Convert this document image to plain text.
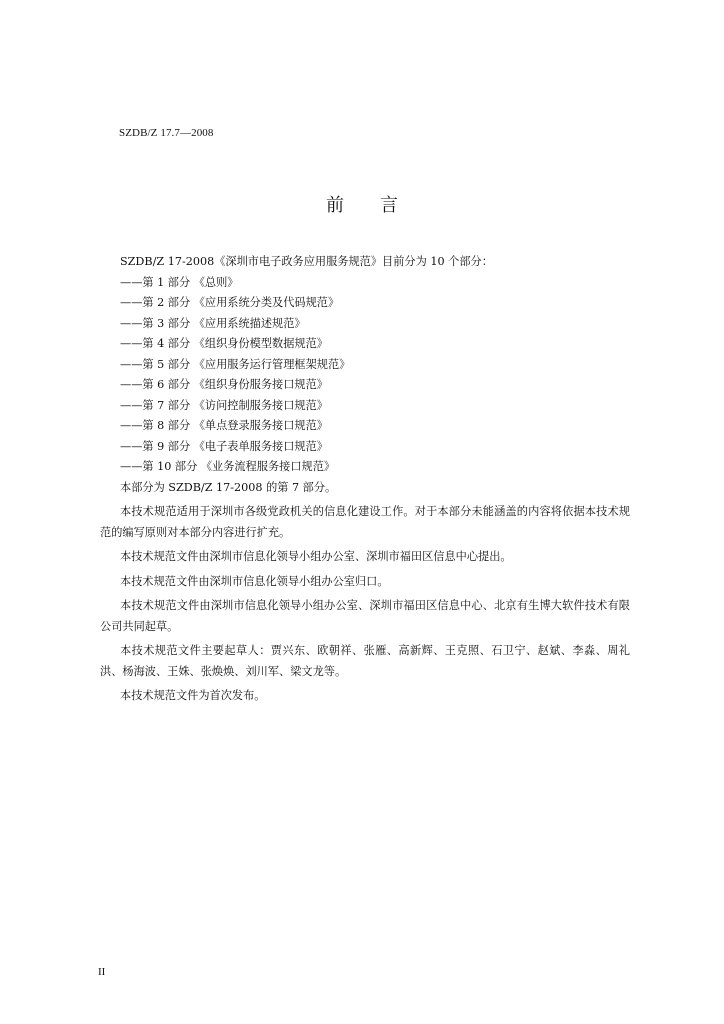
SZDB/Z 17.7—2008
前　　言

SZDB/Z 17-2008《深圳市电子政务应用服务规范》目前分为 10 个部分：

——第 1 部分 《总则》

——第 2 部分 《应用系统分类及代码规范》

——第 3 部分 《应用系统描述规范》

——第 4 部分 《组织身份模型数据规范》

——第 5 部分 《应用服务运行管理框架规范》

——第 6 部分 《组织身份服务接口规范》

——第 7 部分 《访问控制服务接口规范》

——第 8 部分 《单点登录服务接口规范》

——第 9 部分 《电子表单服务接口规范》

——第 10 部分 《业务流程服务接口规范》

本部分为 SZDB/Z 17-2008 的第 7 部分。

本技术规范适用于深圳市各级党政机关的信息化建设工作。对于本部分未能涵盖的内容将依据本技术规范的编写原则对本部分内容进行扩充。

本技术规范文件由深圳市信息化领导小组办公室、深圳市福田区信息中心提出。

本技术规范文件由深圳市信息化领导小组办公室归口。

本技术规范文件由深圳市信息化领导小组办公室、深圳市福田区信息中心、北京有生博大软件技术有限公司共同起草。

本技术规范文件主要起草人：贾兴东、欧朝祥、张雁、高新辉、王克照、石卫宁、赵斌、李淼、周礼洪、杨海波、王姝、张焕焕、刘川军、梁文龙等。

本技术规范文件为首次发布。

II
